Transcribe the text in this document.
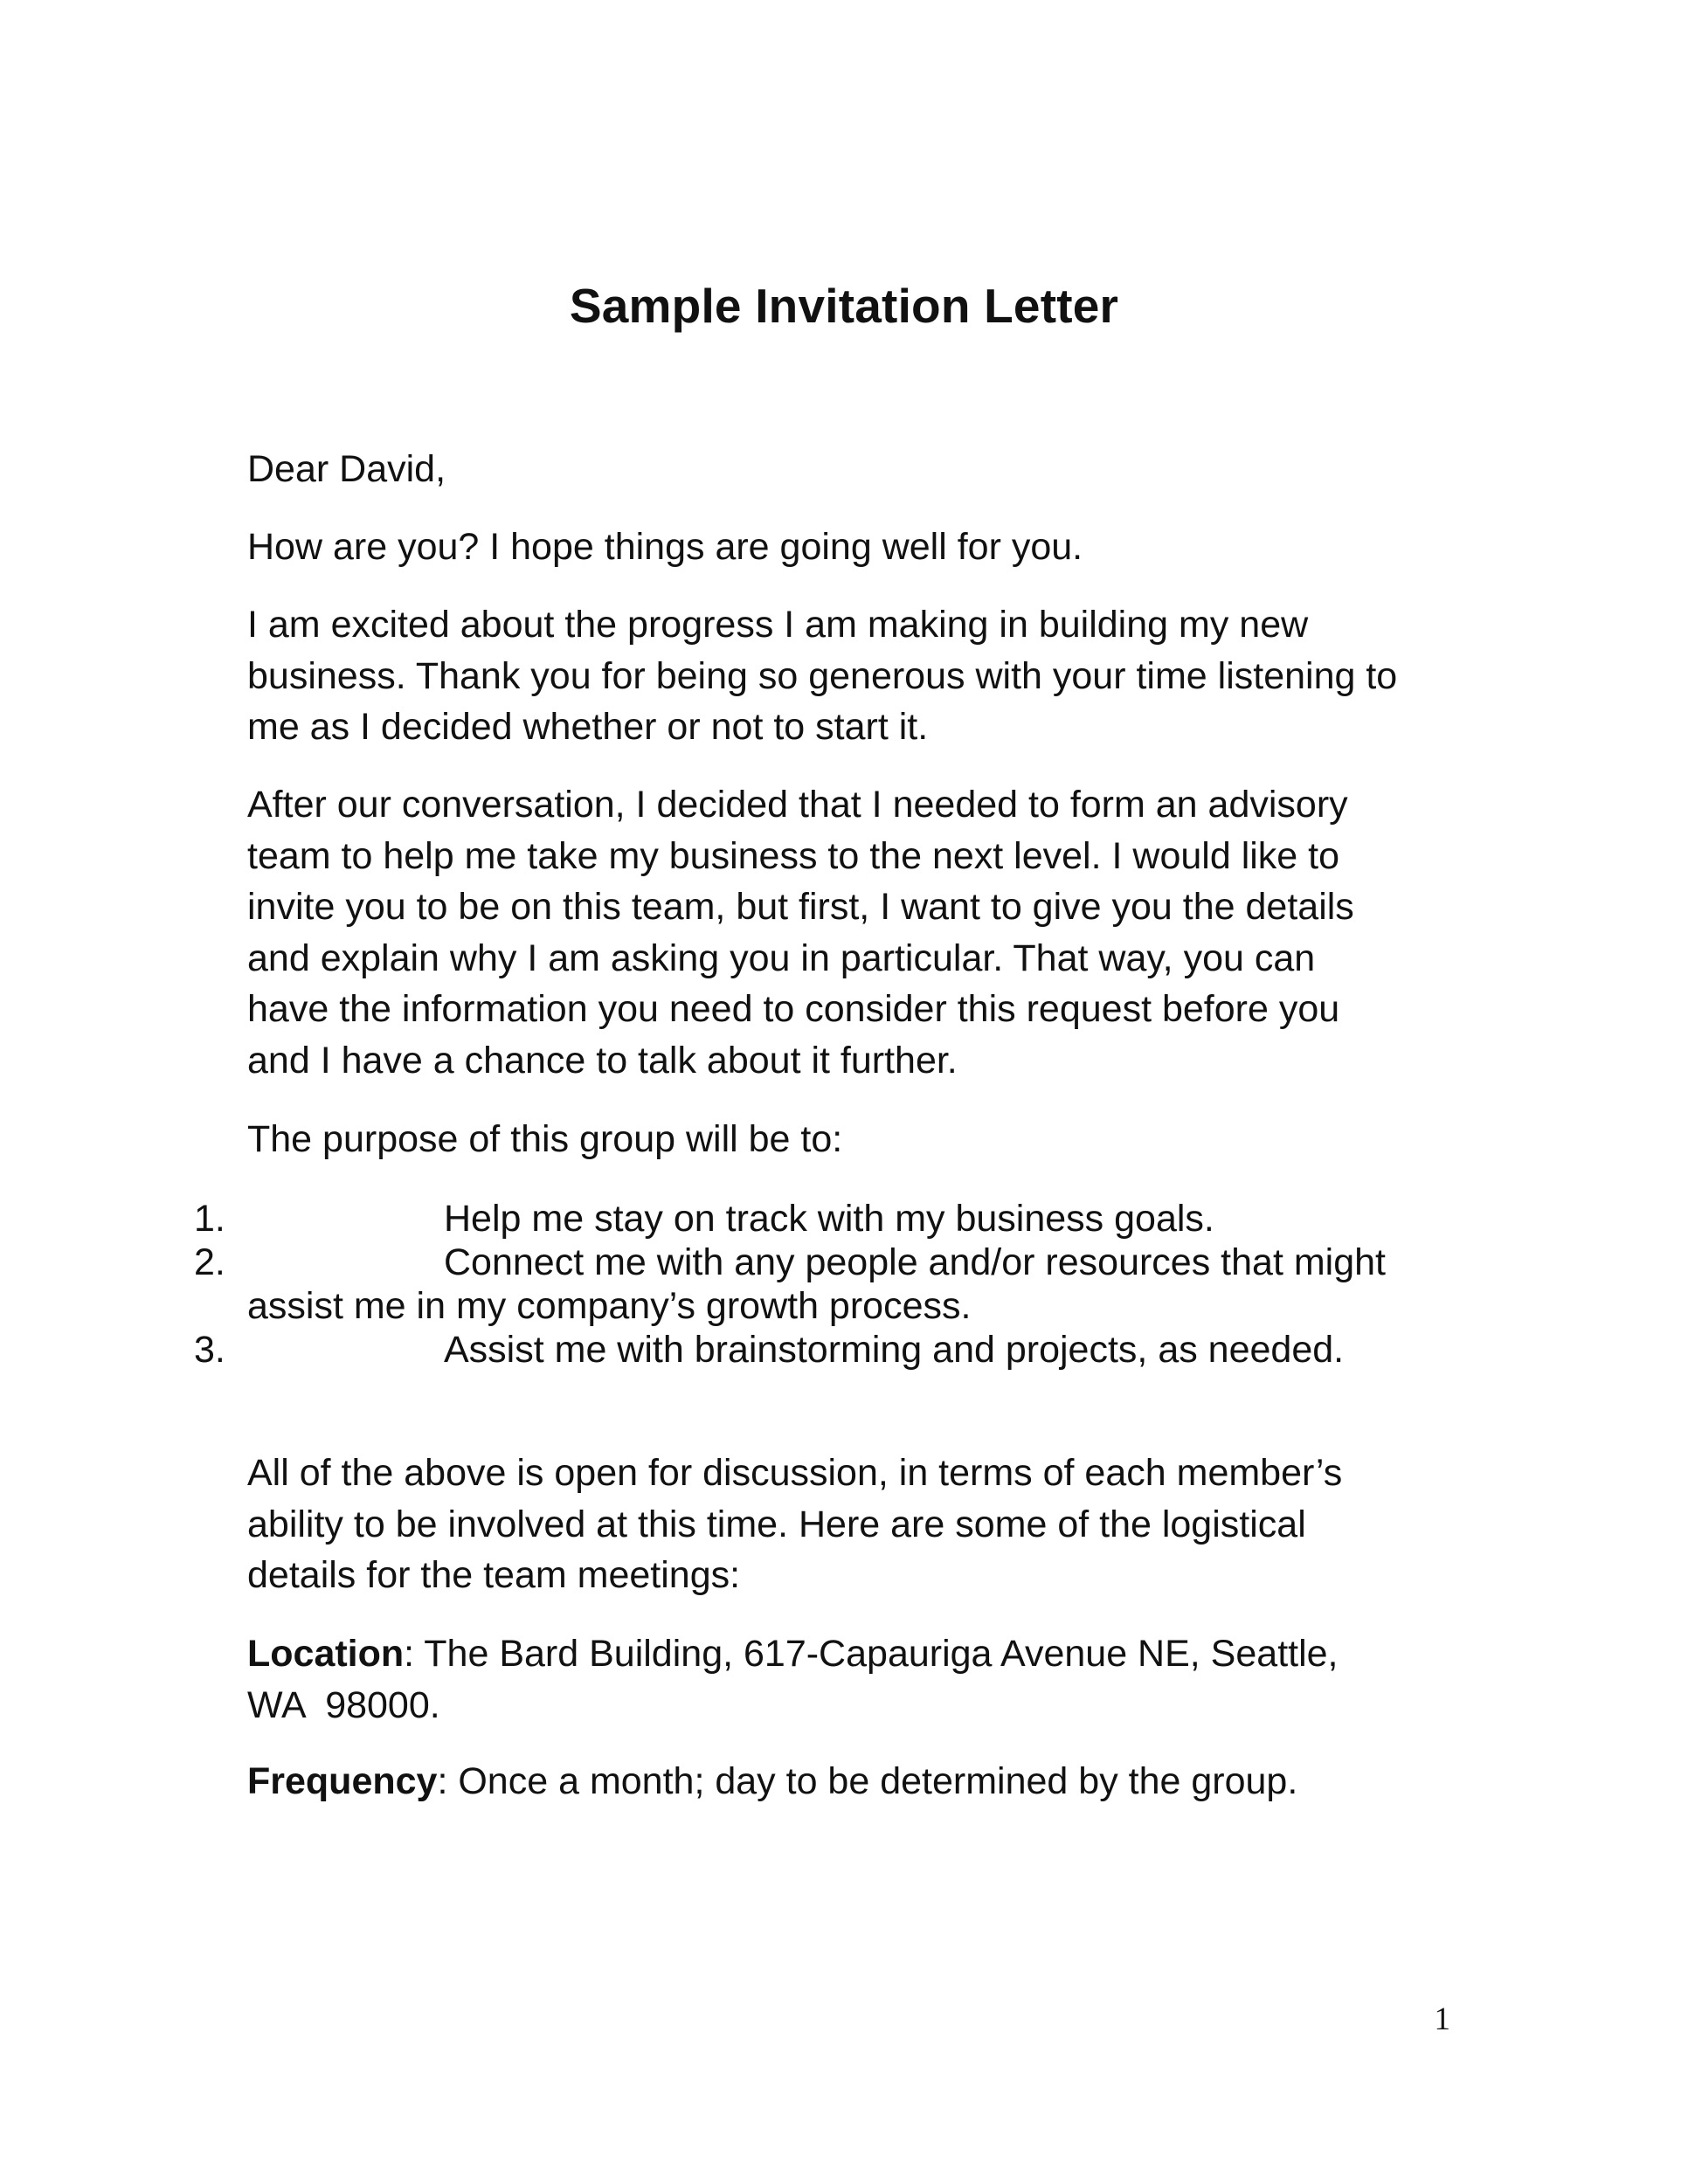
Sample Invitation Letter

Dear David,

How are you? I hope things are going well for you.

I am excited about the progress I am making in building my new
business. Thank you for being so generous with your time listening to
me as I decided whether or not to start it.

After our conversation, I decided that I needed to form an advisory
team to help me take my business to the next level. I would like to
invite you to be on this team, but first, I want to give you the details
and explain why I am asking you in particular. That way, you can
have the information you need to consider this request before you
and I have a chance to talk about it further.

The purpose of this group will be to:

1.	Help me stay on track with my business goals.
2.	Connect me with any people and/or resources that might
assist me in my company’s growth process.
3.	Assist me with brainstorming and projects, as needed.

All of the above is open for discussion, in terms of each member’s
ability to be involved at this time. Here are some of the logistical
details for the team meetings:

Location: The Bard Building, 617-Capauriga Avenue NE, Seattle,
WA  98000.

Frequency: Once a month; day to be determined by the group.

1
